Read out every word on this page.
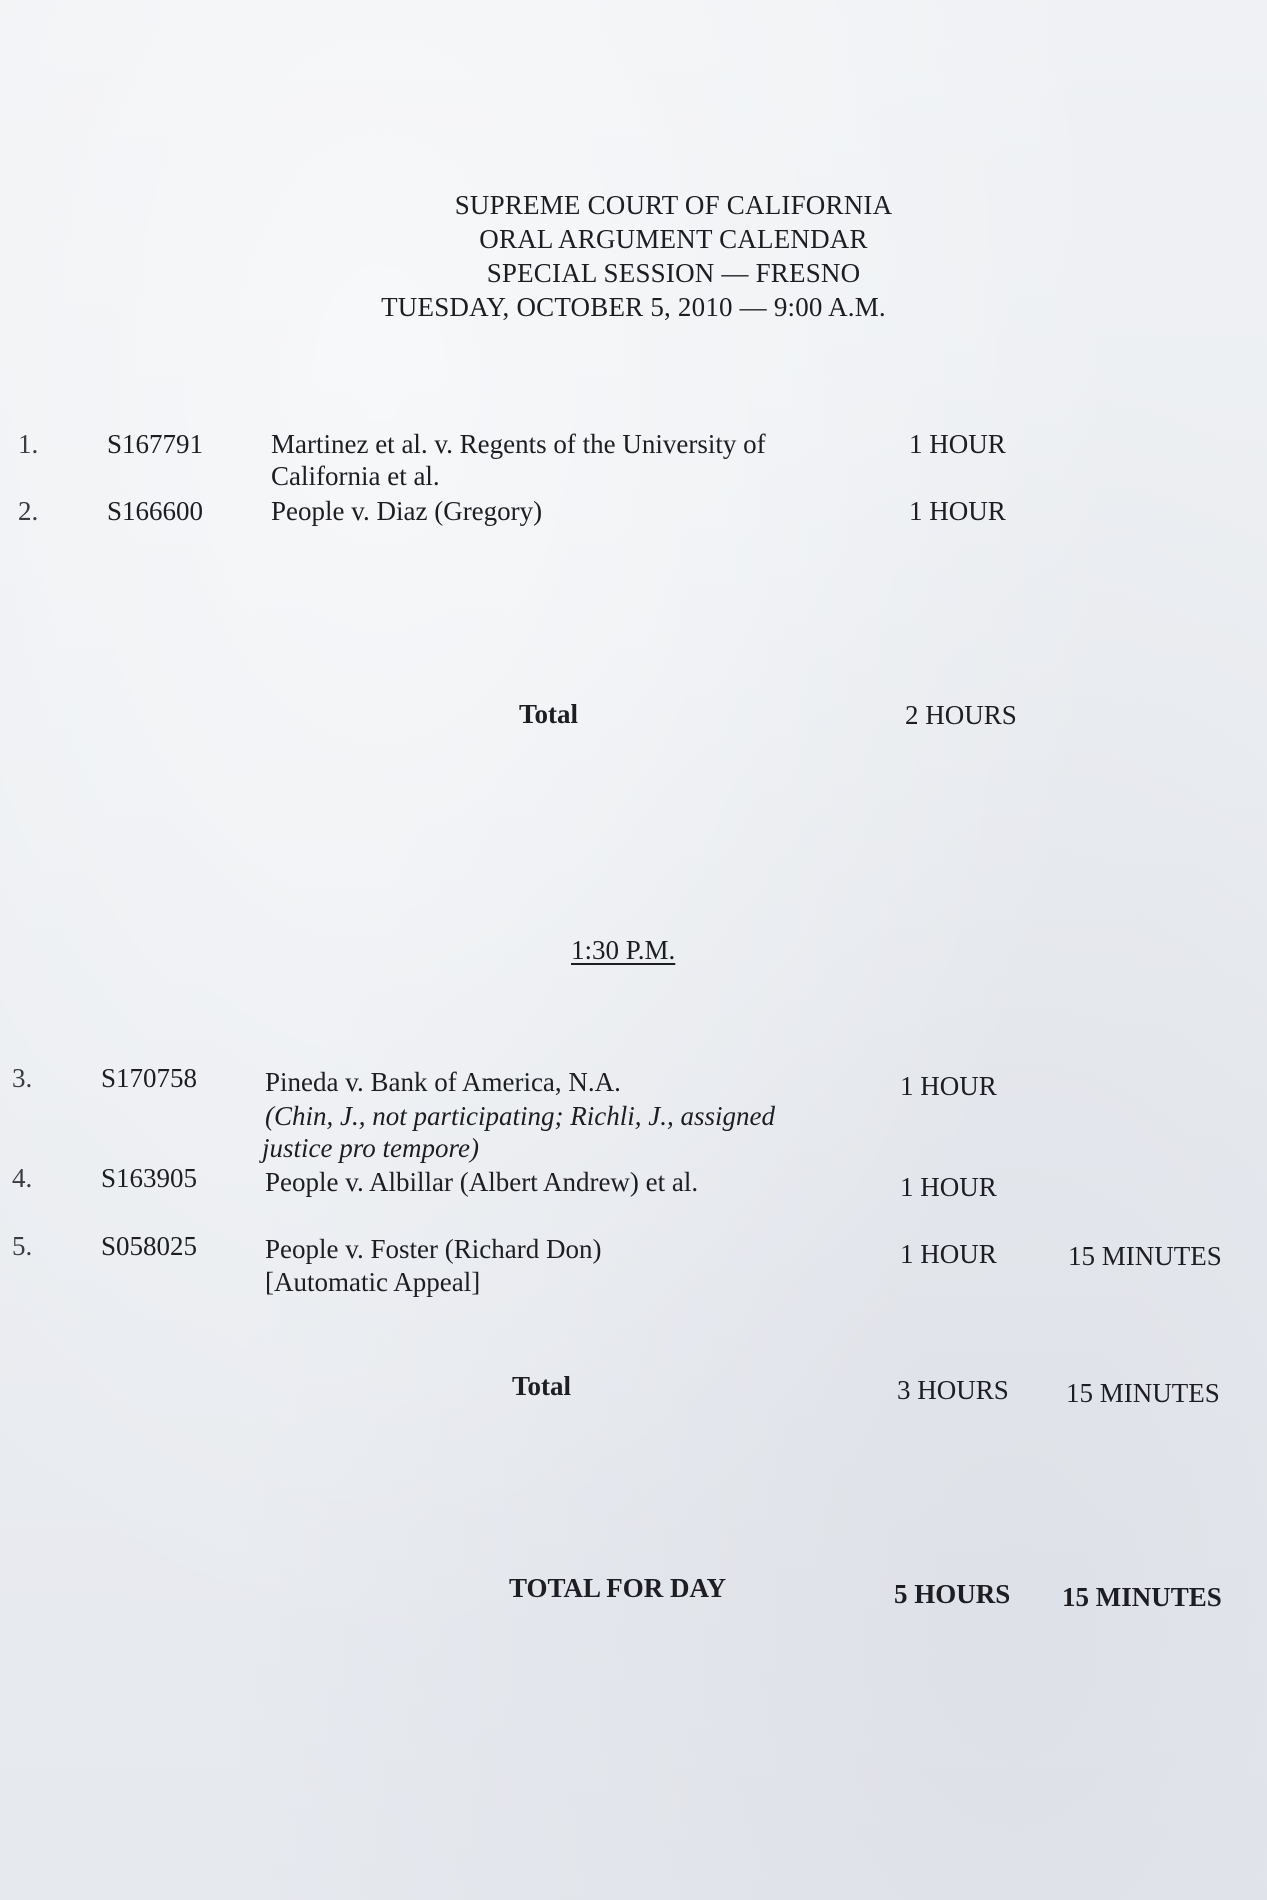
SUPREME COURT OF CALIFORNIA
ORAL ARGUMENT CALENDAR
SPECIAL SESSION — FRESNO
TUESDAY, OCTOBER 5, 2010 — 9:00 A.M.
1.	S167791	Martinez et al. v. Regents of the University of
California et al.
1 HOUR
2.	S166600	People v. Diaz (Gregory)	1 HOUR
Total	2 HOURS
1:30 P.M.
3.	S170758	Pineda v. Bank of America, N.A.
(Chin, J., not participating; Richli, J., assigned
justice pro tempore)
1 HOUR
4.	S163905	People v. Albillar (Albert Andrew) et al.	1 HOUR
5.	S058025	People v. Foster (Richard Don)
[Automatic Appeal]
1 HOUR	15 MINUTES
Total	3 HOURS 15 MINUTES
TOTAL FOR DAY	5 HOURS 15 MINUTES
